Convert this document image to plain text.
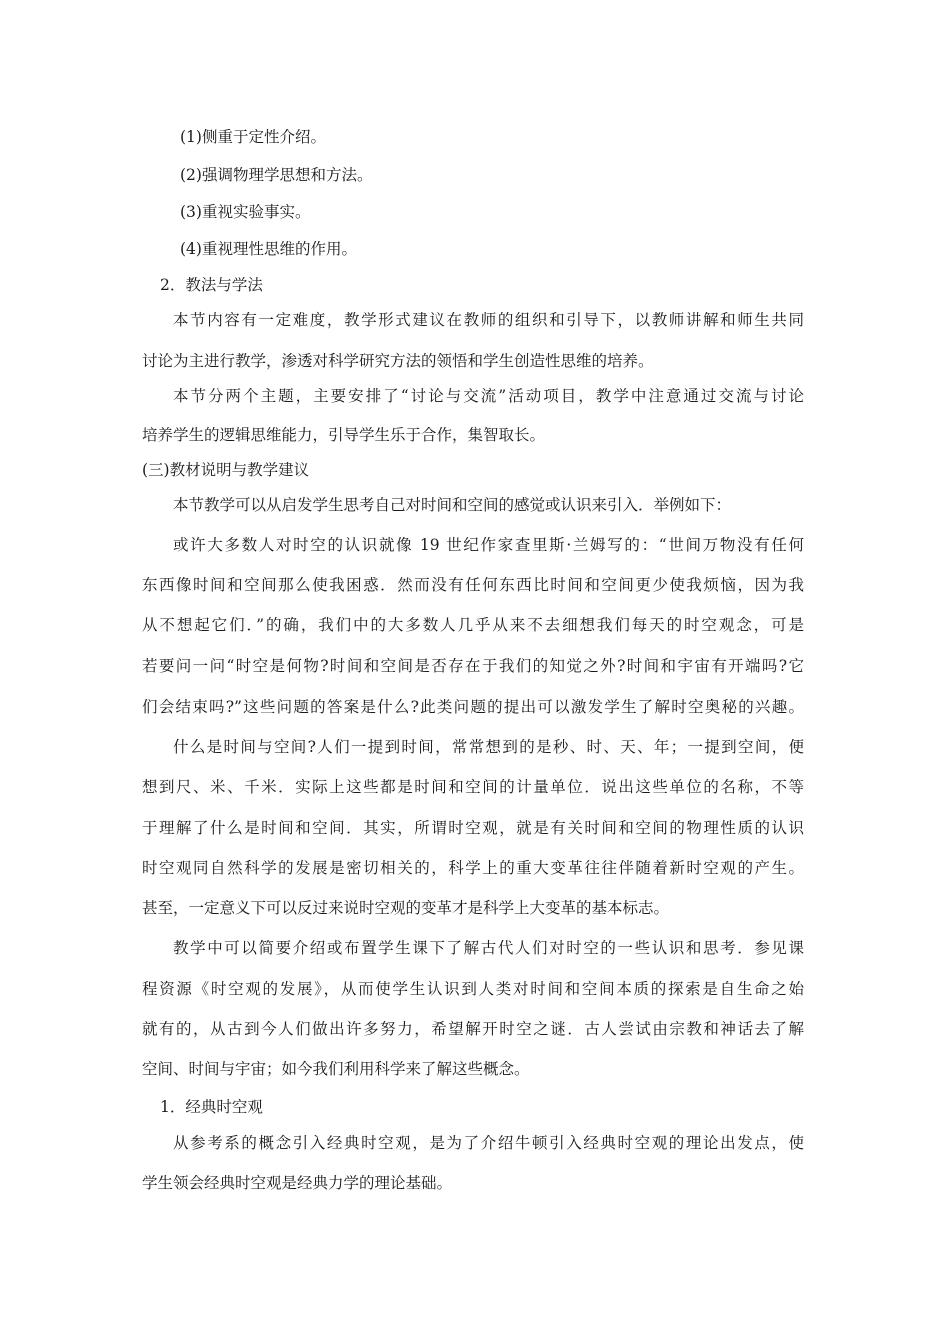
(1)侧重于定性介绍。
(2)强调物理学思想和方法。
(3)重视实验事实。
(4)重视理性思维的作用。
2．教法与学法
本节内容有一定难度，教学形式建议在教师的组织和引导下，以教师讲解和师生共同
讨论为主进行教学，渗透对科学研究方法的领悟和学生创造性思维的培养。
本节分两个主题，主要安排了“讨论与交流”活动项目，教学中注意通过交流与讨论
培养学生的逻辑思维能力，引导学生乐于合作，集智取长。
(三)教材说明与教学建议
本节教学可以从启发学生思考自己对时间和空间的感觉或认识来引入．举例如下：
或许大多数人对时空的认识就像 19 世纪作家查里斯·兰姆写的：“世间万物没有任何
东西像时间和空间那么使我困惑．然而没有任何东西比时间和空间更少使我烦恼，因为我
从不想起它们．”的确，我们中的大多数人几乎从来不去细想我们每天的时空观念，可是
若要问一问“时空是何物?时间和空间是否存在于我们的知觉之外?时间和宇宙有开端吗?它
们会结束吗?”这些问题的答案是什么?此类问题的提出可以激发学生了解时空奥秘的兴趣。
什么是时间与空间?人们一提到时间，常常想到的是秒、时、天、年；一提到空间，便
想到尺、米、千米．实际上这些都是时间和空间的计量单位．说出这些单位的名称，不等
于理解了什么是时间和空间．其实，所谓时空观，就是有关时间和空间的物理性质的认识
时空观同自然科学的发展是密切相关的，科学上的重大变革往往伴随着新时空观的产生。
甚至，一定意义下可以反过来说时空观的变革才是科学上大变革的基本标志。
教学中可以简要介绍或布置学生课下了解古代人们对时空的一些认识和思考．参见课
程资源《时空观的发展》，从而使学生认识到人类对时间和空间本质的探索是自生命之始
就有的，从古到今人们做出许多努力，希望解开时空之谜．古人尝试由宗教和神话去了解
空间、时间与宇宙；如今我们利用科学来了解这些概念。
1．经典时空观
从参考系的概念引入经典时空观，是为了介绍牛顿引入经典时空观的理论出发点，使
学生领会经典时空观是经典力学的理论基础。
